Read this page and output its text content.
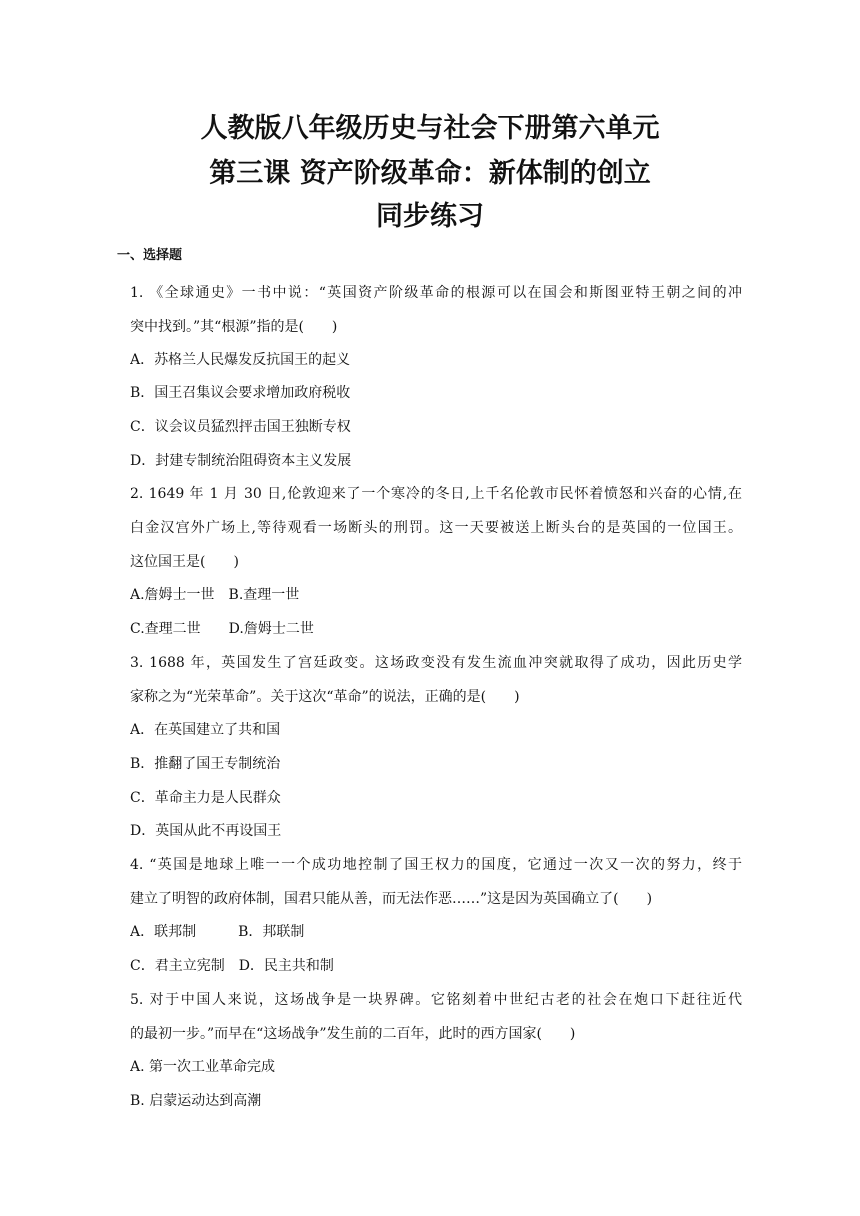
人教版八年级历史与社会下册第六单元
第三课 资产阶级革命：新体制的创立
同步练习
一、选择题
1. 《全球通史》一书中说：“英国资产阶级革命的根源可以在国会和斯图亚特王朝之间的冲
突中找到。”其“根源”指的是(　　)
A．苏格兰人民爆发反抗国王的起义
B．国王召集议会要求增加政府税收
C．议会议员猛烈抨击国王独断专权
D．封建专制统治阻碍资本主义发展
2. 1649 年 1 月 30 日,伦敦迎来了一个寒冷的冬日,上千名伦敦市民怀着愤怒和兴奋的心情,在
白金汉宫外广场上,等待观看一场断头的刑罚。这一天要被送上断头台的是英国的一位国王。
这位国王是(　　)
A.詹姆士一世　B.查理一世
C.查理二世　　D.詹姆士二世
3. 1688 年，英国发生了宫廷政变。这场政变没有发生流血冲突就取得了成功，因此历史学
家称之为“光荣革命”。关于这次“革命”的说法，正确的是(　　)
A．在英国建立了共和国
B．推翻了国王专制统治
C．革命主力是人民群众
D．英国从此不再设国王
4. “英国是地球上唯一一个成功地控制了国王权力的国度，它通过一次又一次的努力，终于
建立了明智的政府体制，国君只能从善，而无法作恶……”这是因为英国确立了(　　)
A．联邦制　　　B．邦联制
C．君主立宪制　D．民主共和制
5. 对于中国人来说，这场战争是一块界碑。它铭刻着中世纪古老的社会在炮口下赶往近代
的最初一步。”而早在“这场战争”发生前的二百年，此时的西方国家(　　)
A. 第一次工业革命完成
B. 启蒙运动达到高潮
